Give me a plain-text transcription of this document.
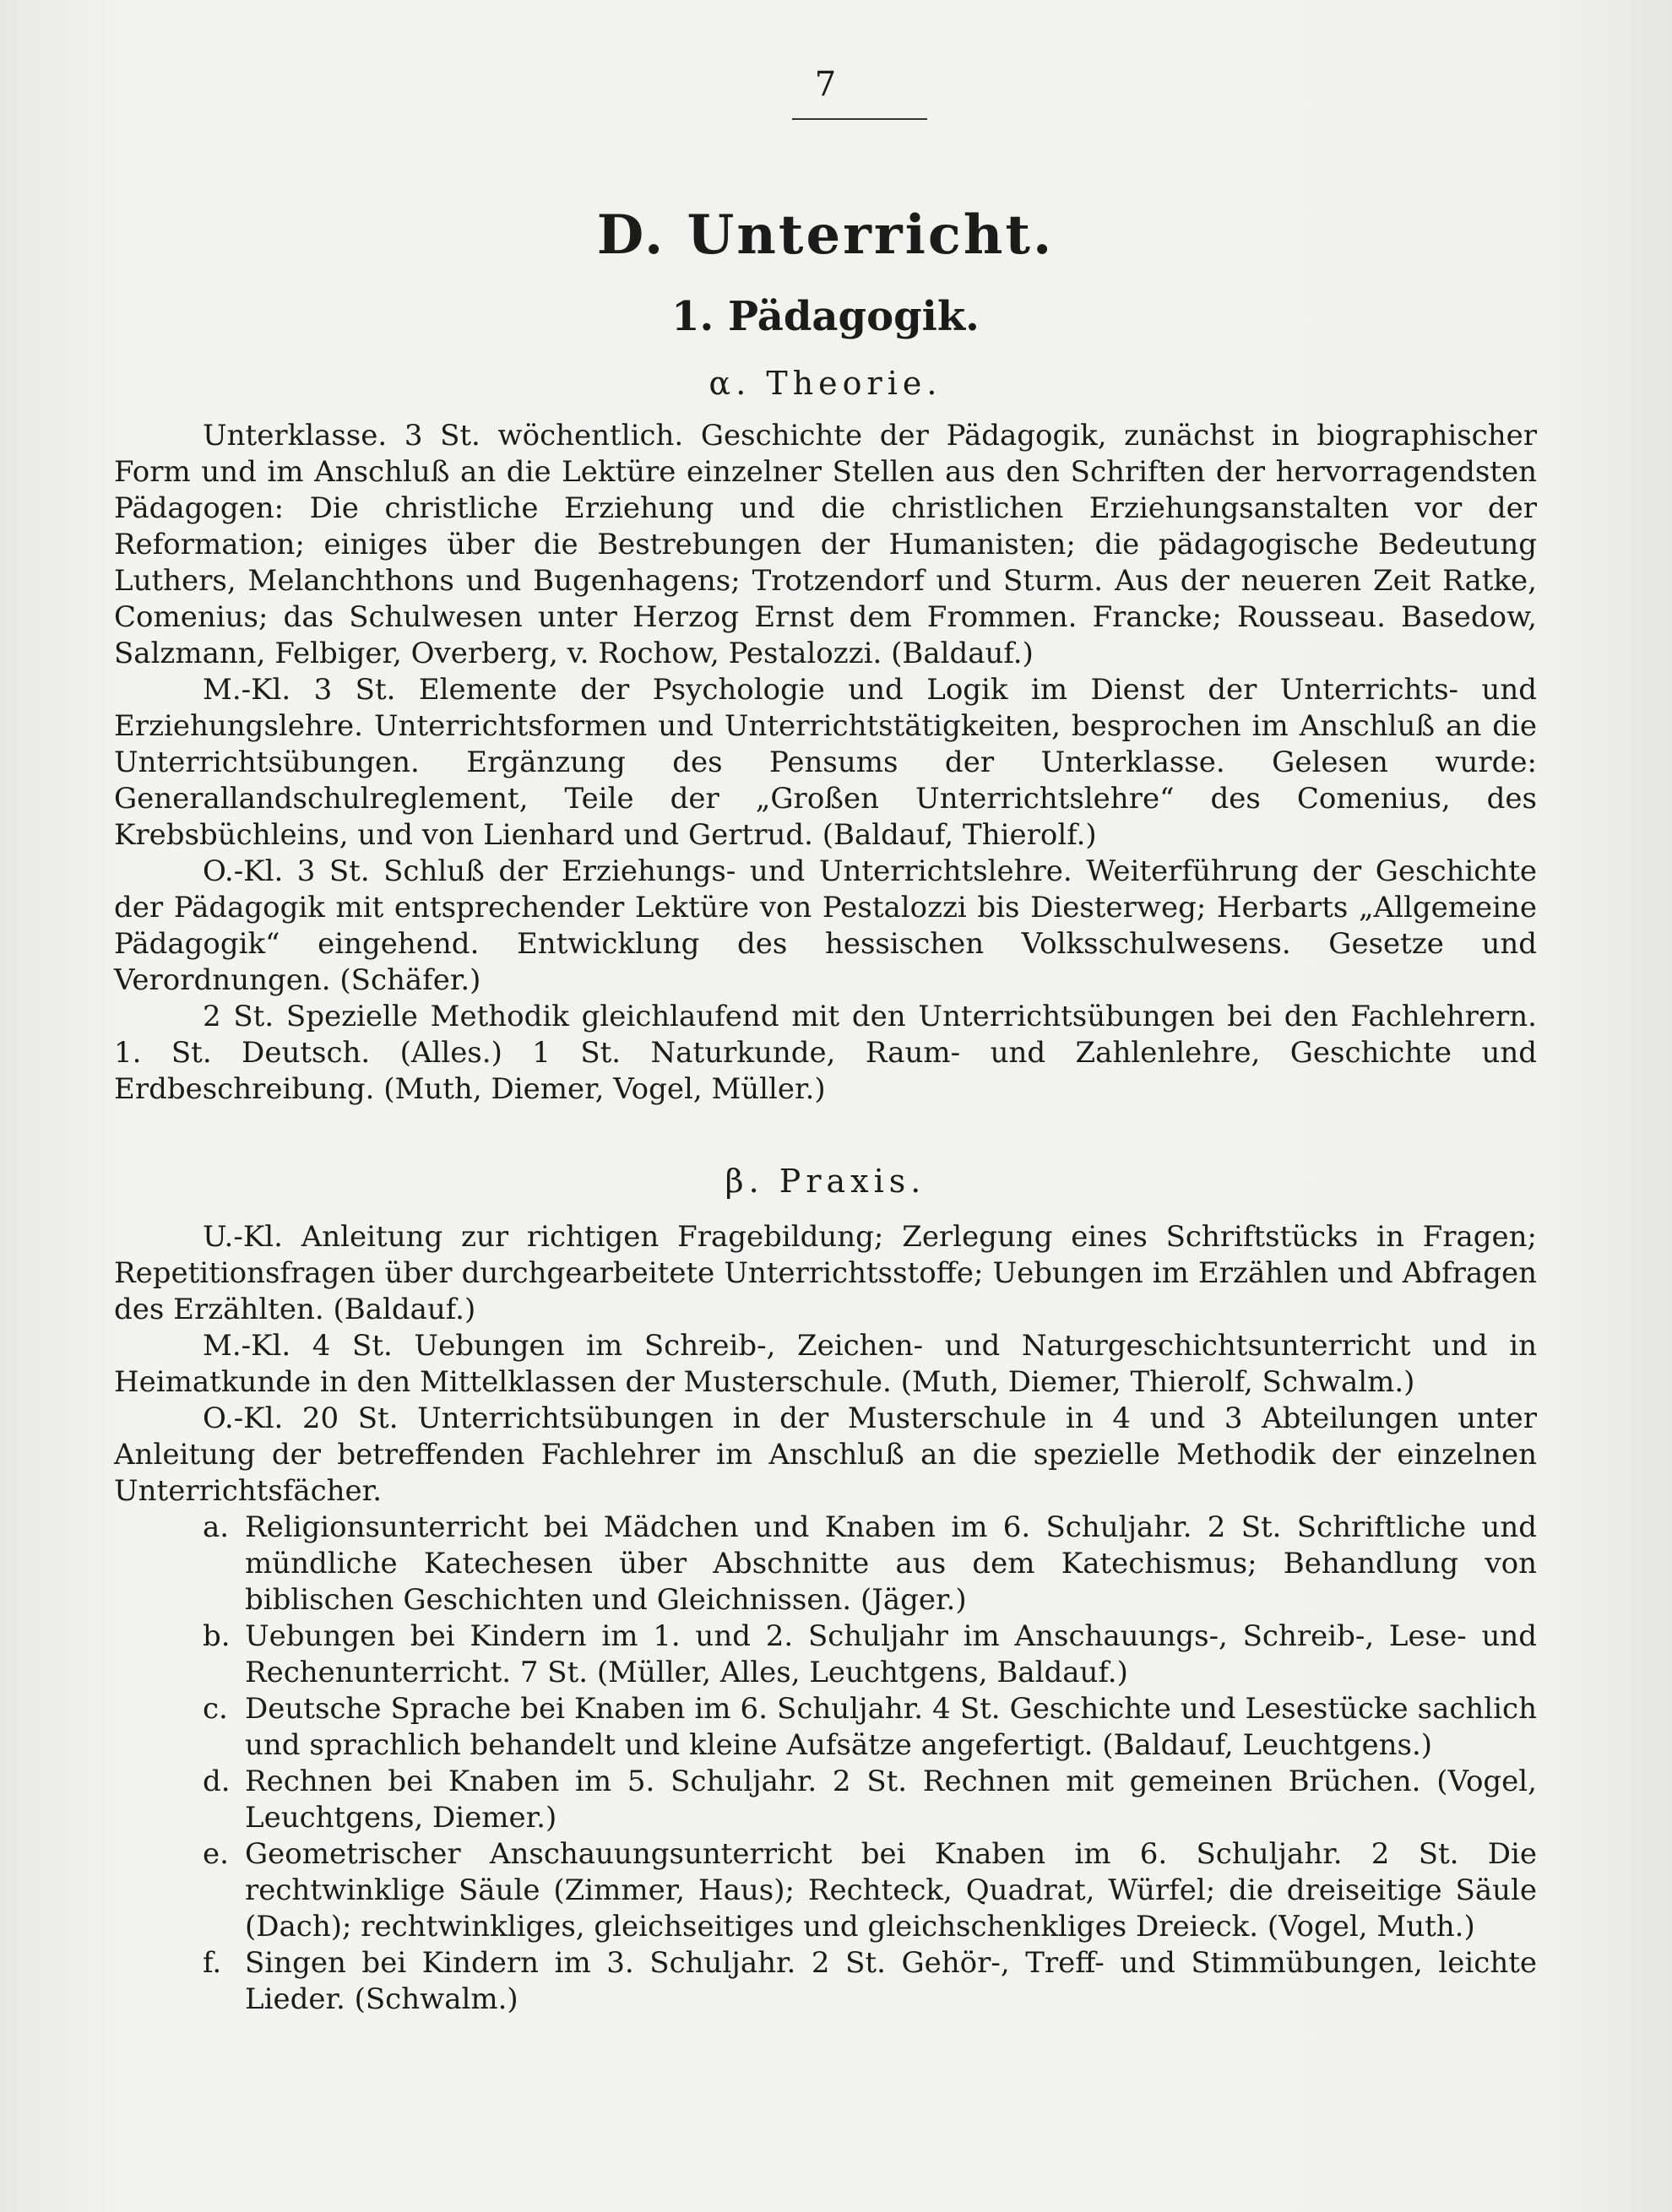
7
D. Unterricht.
1. Pädagogik.
α. Theorie.

Unterklasse. 3 St. wöchentlich. Geschichte der Pädagogik, zunächst in biographischer Form und im Anschluß an die Lektüre einzelner Stellen aus den Schriften der hervorragendsten Pädagogen: Die christliche Erziehung und die christlichen Erziehungsanstalten vor der Reformation; einiges über die Bestrebungen der Humanisten; die pädagogische Bedeutung Luthers, Melanchthons und Bugenhagens; Trotzendorf und Sturm. Aus der neueren Zeit Ratke, Comenius; das Schulwesen unter Herzog Ernst dem Frommen. Francke; Rousseau. Basedow, Salzmann, Felbiger, Overberg, v. Rochow, Pestalozzi. (Baldauf.)

M.-Kl. 3 St. Elemente der Psychologie und Logik im Dienst der Unterrichts- und Erziehungslehre. Unterrichtsformen und Unterrichtstätigkeiten, besprochen im Anschluß an die Unterrichtsübungen. Ergänzung des Pensums der Unterklasse. Gelesen wurde: Generallandschulreglement, Teile der „Großen Unterrichtslehre“ des Comenius, des Krebsbüchleins, und von Lienhard und Gertrud. (Baldauf, Thierolf.)

O.-Kl. 3 St. Schluß der Erziehungs- und Unterrichtslehre. Weiterführung der Geschichte der Pädagogik mit entsprechender Lektüre von Pestalozzi bis Diesterweg; Herbarts „Allgemeine Pädagogik“ eingehend. Entwicklung des hessischen Volksschulwesens. Gesetze und Verordnungen. (Schäfer.)

2 St. Spezielle Methodik gleichlaufend mit den Unterrichtsübungen bei den Fachlehrern. 1. St. Deutsch. (Alles.) 1 St. Naturkunde, Raum- und Zahlenlehre, Geschichte und Erdbeschreibung. (Muth, Diemer, Vogel, Müller.)

β. Praxis.

U.-Kl. Anleitung zur richtigen Fragebildung; Zerlegung eines Schriftstücks in Fragen; Repetitionsfragen über durchgearbeitete Unterrichtsstoffe; Uebungen im Erzählen und Abfragen des Erzählten. (Baldauf.)

M.-Kl. 4 St. Uebungen im Schreib-, Zeichen- und Naturgeschichtsunterricht und in Heimatkunde in den Mittelklassen der Musterschule. (Muth, Diemer, Thierolf, Schwalm.)

O.-Kl. 20 St. Unterrichtsübungen in der Musterschule in 4 und 3 Abteilungen unter Anleitung der betreffenden Fachlehrer im Anschluß an die spezielle Methodik der einzelnen Unterrichtsfächer.

a. Religionsunterricht bei Mädchen und Knaben im 6. Schuljahr. 2 St. Schriftliche und mündliche Katechesen über Abschnitte aus dem Katechismus; Behandlung von biblischen Geschichten und Gleichnissen. (Jäger.)
b. Uebungen bei Kindern im 1. und 2. Schuljahr im Anschauungs-, Schreib-, Lese- und Rechenunterricht. 7 St. (Müller, Alles, Leuchtgens, Baldauf.)
c. Deutsche Sprache bei Knaben im 6. Schuljahr. 4 St. Geschichte und Lesestücke sachlich und sprachlich behandelt und kleine Aufsätze angefertigt. (Baldauf, Leuchtgens.)
d. Rechnen bei Knaben im 5. Schuljahr. 2 St. Rechnen mit gemeinen Brüchen. (Vogel, Leuchtgens, Diemer.)
e. Geometrischer Anschauungsunterricht bei Knaben im 6. Schuljahr. 2 St. Die rechtwinklige Säule (Zimmer, Haus); Rechteck, Quadrat, Würfel; die dreiseitige Säule (Dach); rechtwinkliges, gleichseitiges und gleichschenkliges Dreieck. (Vogel, Muth.)
f. Singen bei Kindern im 3. Schuljahr. 2 St. Gehör-, Treff- und Stimmübungen, leichte Lieder. (Schwalm.)
